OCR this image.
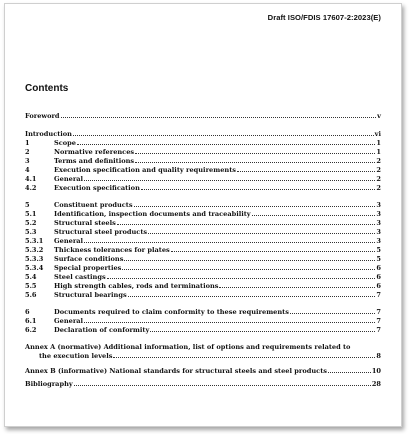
Draft ISO/FDIS 17607-2:2023(E)
Contents
Foreword	v
Introduction	vi
1	Scope	1
2	Normative references	1
3	Terms and definitions	2
4	Execution specification and quality requirements	2
4.1	General	2
4.2	Execution specification	2
5	Constituent products	3
5.1	Identification, inspection documents and traceability	3
5.2	Structural steels	3
5.3	Structural steel products	3
5.3.1	General	3
5.3.2	Thickness tolerances for plates	5
5.3.3	Surface conditions	5
5.3.4	Special properties	6
5.4	Steel castings	6
5.5	High strength cables, rods and terminations	6
5.6	Structural bearings	7
6	Documents required to claim conformity to these requirements	7
6.1	General	7
6.2	Declaration of conformity	7
Annex A (normative) Additional information, list of options and requirements related to
the execution levels	8
Annex B (informative) National standards for structural steels and steel products	10
Bibliography	28
